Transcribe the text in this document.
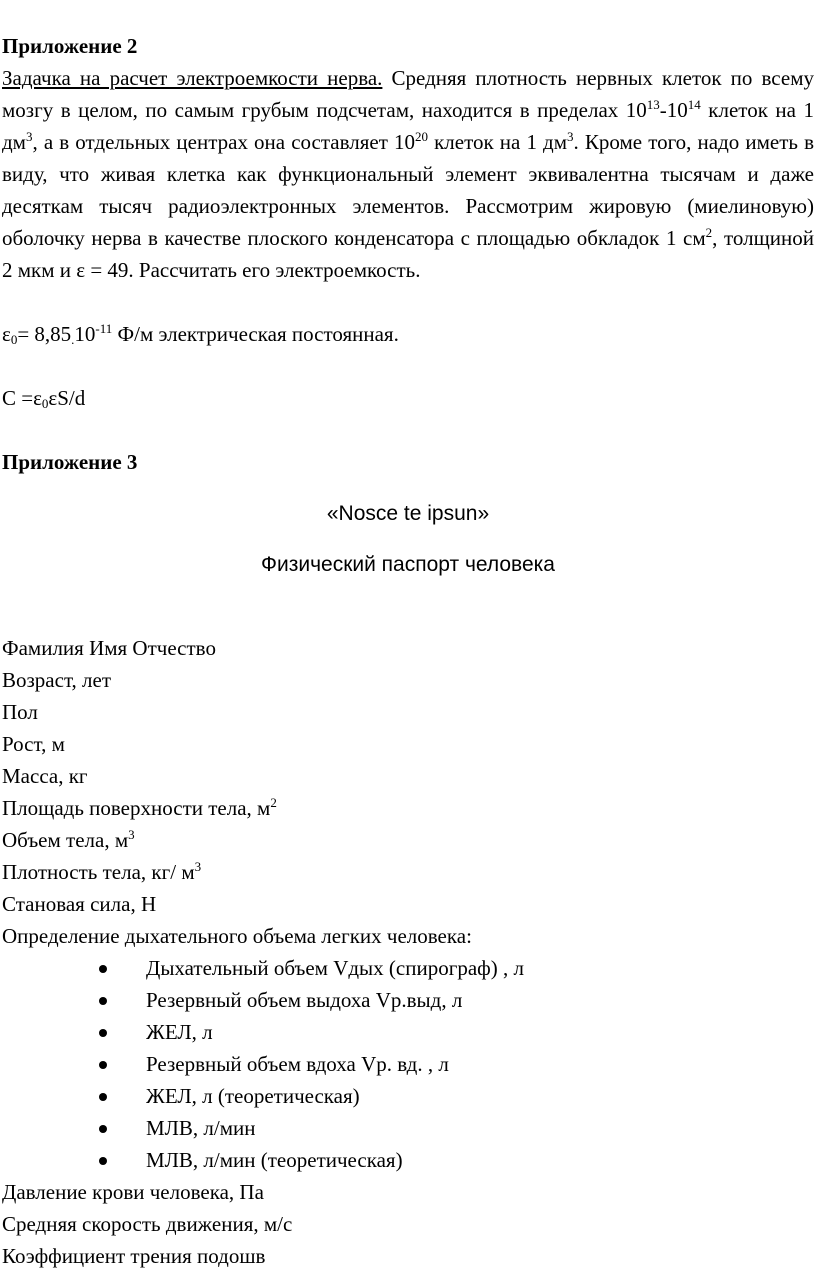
Приложение 2

Задачка на расчет электроемкости нерва. Средняя плотность нервных клеток по всему мозгу в целом, по самым грубым подсчетам, находится в пределах $10^{13}-10^{14}$ клеток на 1 $дм^3$, а в отдельных центрах она составляет $10^{20}$ клеток на 1 $дм^3$. Кроме того, надо иметь в виду, что живая клетка как функциональный элемент эквивалентна тысячам и даже десяткам тысяч радиоэлектронных элементов. Рассмотрим жировую (миелиновую) оболочку нерва в качестве плоского конденсатора с площадью обкладок 1 $см^2$, толщиной 2 мкм и ε = 49. Рассчитать его электроемкость.

$\varepsilon_0= 8,85_.10^{-11}$ Ф/м электрическая постоянная.
$C =\varepsilon_0\varepsilon S/d$
Приложение 3
«Nosce te ipsun»
Физический паспорт человека
Фамилия Имя Отчество
Возраст, лет
Пол
Рост, м
Масса, кг
Площадь поверхности тела, $м^2$
Объем тела, $м^3$
Плотность тела, кг/ $м^3$
Становая сила, Н
Определение дыхательного объема легких человека:
Дыхательный объем Vдых (спирограф) , л
Резервный объем выдоха Vр.выд, л
ЖЕЛ, л
Резервный объем вдоха Vр. вд. , л
ЖЕЛ, л (теоретическая)
МЛВ, л/мин
МЛВ, л/мин (теоретическая)
Давление крови человека, Па
Средняя скорость движения, м/с
Коэффициент трения подошв
